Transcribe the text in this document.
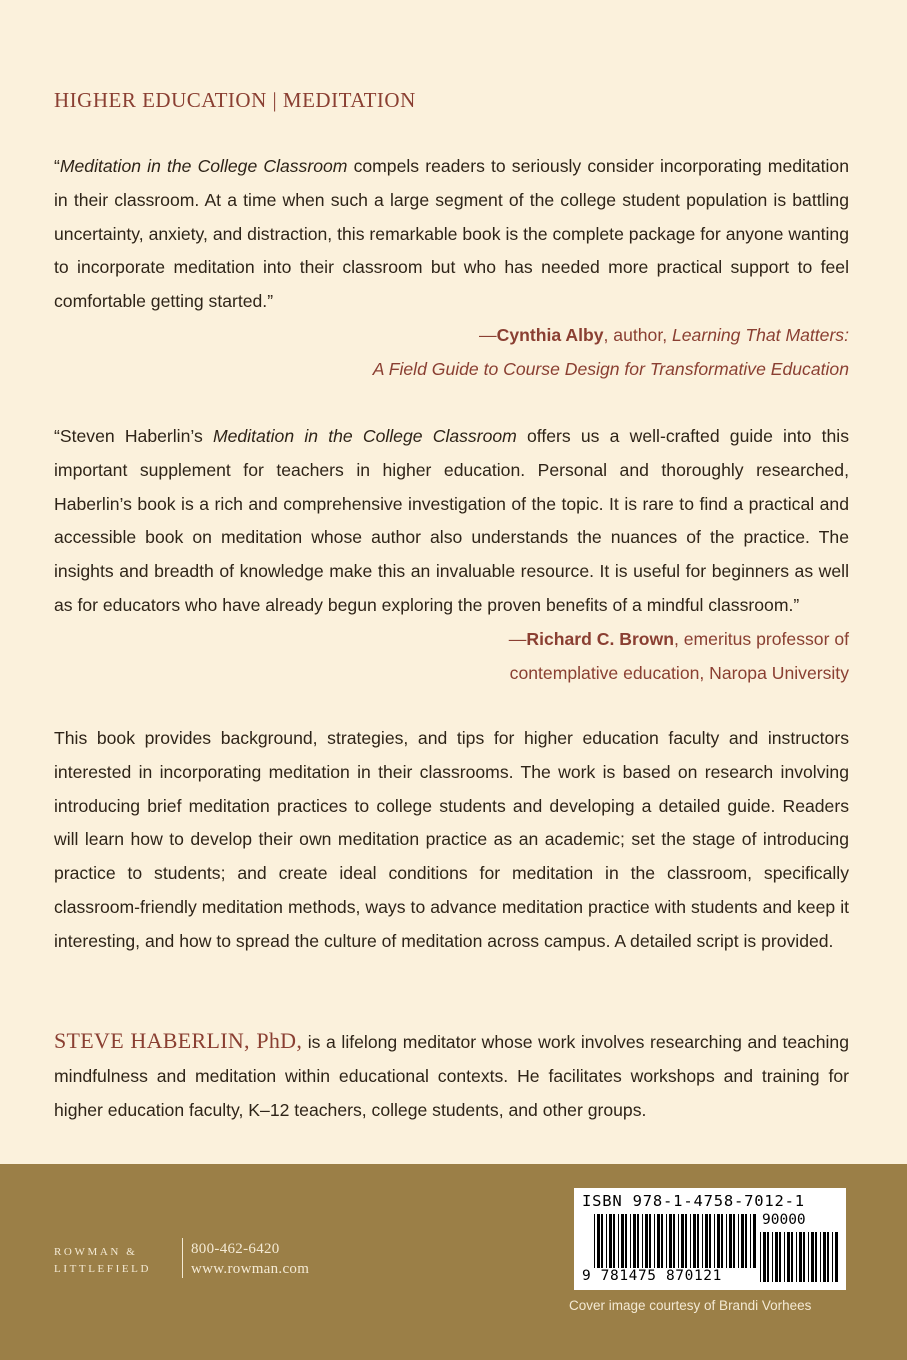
HIGHER EDUCATION | MEDITATION

“Meditation in the College Classroom compels readers to seriously consider incorporating meditation in their classroom. At a time when such a large segment of the college student population is battling uncertainty, anxiety, and distraction, this remarkable book is the complete package for anyone wanting to incorporate meditation into their classroom but who has needed more practical support to feel comfortable getting started.”

—Cynthia Alby, author, Learning That Matters:
A Field Guide to Course Design for Transformative Education

“Steven Haberlin’s Meditation in the College Classroom offers us a well-crafted guide into this important supplement for teachers in higher education. Personal and thoroughly researched, Haberlin’s book is a rich and comprehensive investigation of the topic. It is rare to find a practical and accessible book on meditation whose author also understands the nuances of the practice. The insights and breadth of knowledge make this an invaluable resource. It is useful for beginners as well as for educators who have already begun exploring the proven benefits of a mindful classroom.”

—Richard C. Brown, emeritus professor of
contemplative education, Naropa University

This book provides background, strategies, and tips for higher education faculty and instructors interested in incorporating meditation in their classrooms. The work is based on research involving introducing brief meditation practices to college students and developing a detailed guide. Readers will learn how to develop their own meditation practice as an academic; set the stage of introducing practice to students; and create ideal conditions for meditation in the classroom, specifically classroom-friendly meditation methods, ways to advance meditation practice with students and keep it interesting, and how to spread the culture of meditation across campus. A detailed script is provided.
STEVE HABERLIN, PhD, is a lifelong meditator whose work involves researching and teaching mindfulness and meditation within educational contexts. He facilitates workshops and training for higher education faculty, K–12 teachers, college students, and other groups.
ROWMAN &
LITTLEFIELD
800-462-6420
www.rowman.com
ISBN 978-1-4758-7012-1
90000
9 781475 870121
Cover image courtesy of Brandi Vorhees
